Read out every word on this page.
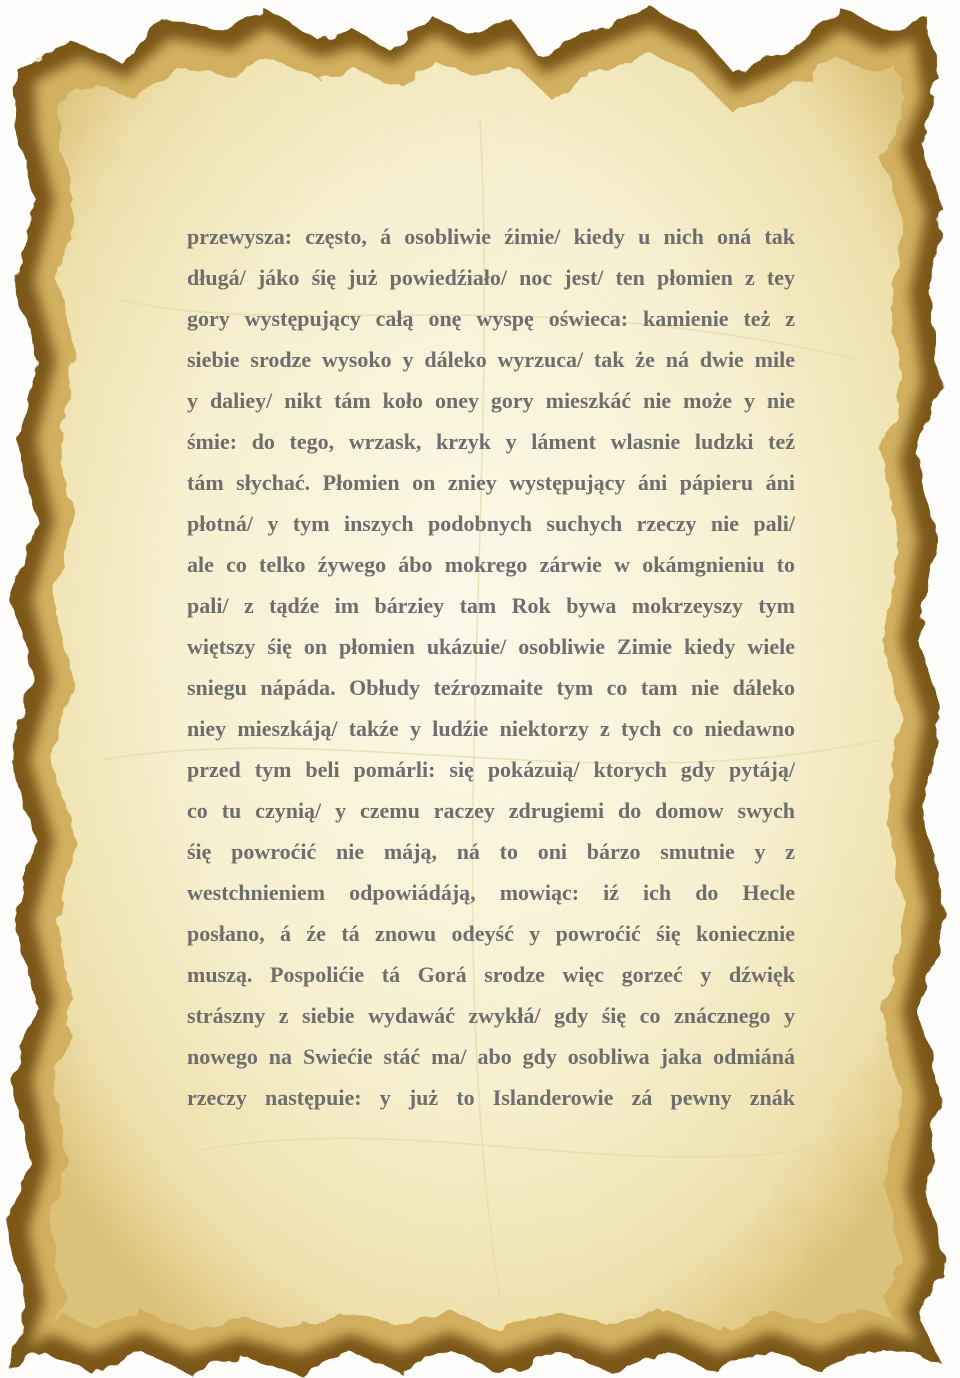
przewysza: często, á osobliwie źimie/ kiedy u nich oná tak
długá/ jáko śię już powiedźiało/ noc jest/ ten płomien z tey
gory występujący całą onę wyspę oświeca: kamienie też z
siebie srodze wysoko y dáleko wyrzuca/ tak że ná dwie mile
y daliey/ nikt tám koło oney gory mieszkáć nie może y nie
śmie: do tego, wrzask, krzyk y láment wlasnie ludzki teź
tám słychać. Płomien on zniey występujący áni pápieru áni
płotná/ y tym inszych podobnych suchych rzeczy nie pali/
ale co telko źywego ábo mokrego zárwie w okámgnieniu to
pali/ z tądźe im bárziey tam Rok bywa mokrzeyszy tym
więtszy śię on płomien ukázuie/ osobliwie Zimie kiedy wiele
sniegu nápáda. Obłudy teźrozmaite tym co tam nie dáleko
niey mieszkáją/ takźe y ludźie niektorzy z tych co niedawno
przed tym beli pomárli: się pokázuią/ ktorych gdy pytáją/
co tu czynią/ y czemu raczey zdrugiemi do domow swych
śię powroćić nie máją, ná to oni bárzo smutnie y z
westchnieniem odpowiádáją, mowiąc: iź ich do Hecle
posłano, á źe tá znowu odeyść y powroćić śię koniecznie
muszą. Pospolićie tá Gorá srodze więc gorzeć y dźwięk
strászny z siebie wydawáć zwykłá/ gdy śię co znácznego y
nowego na Swiećie stáć ma/ abo gdy osobliwa jaka odmiáná
rzeczy następuie: y już to Islanderowie zá pewny znák
